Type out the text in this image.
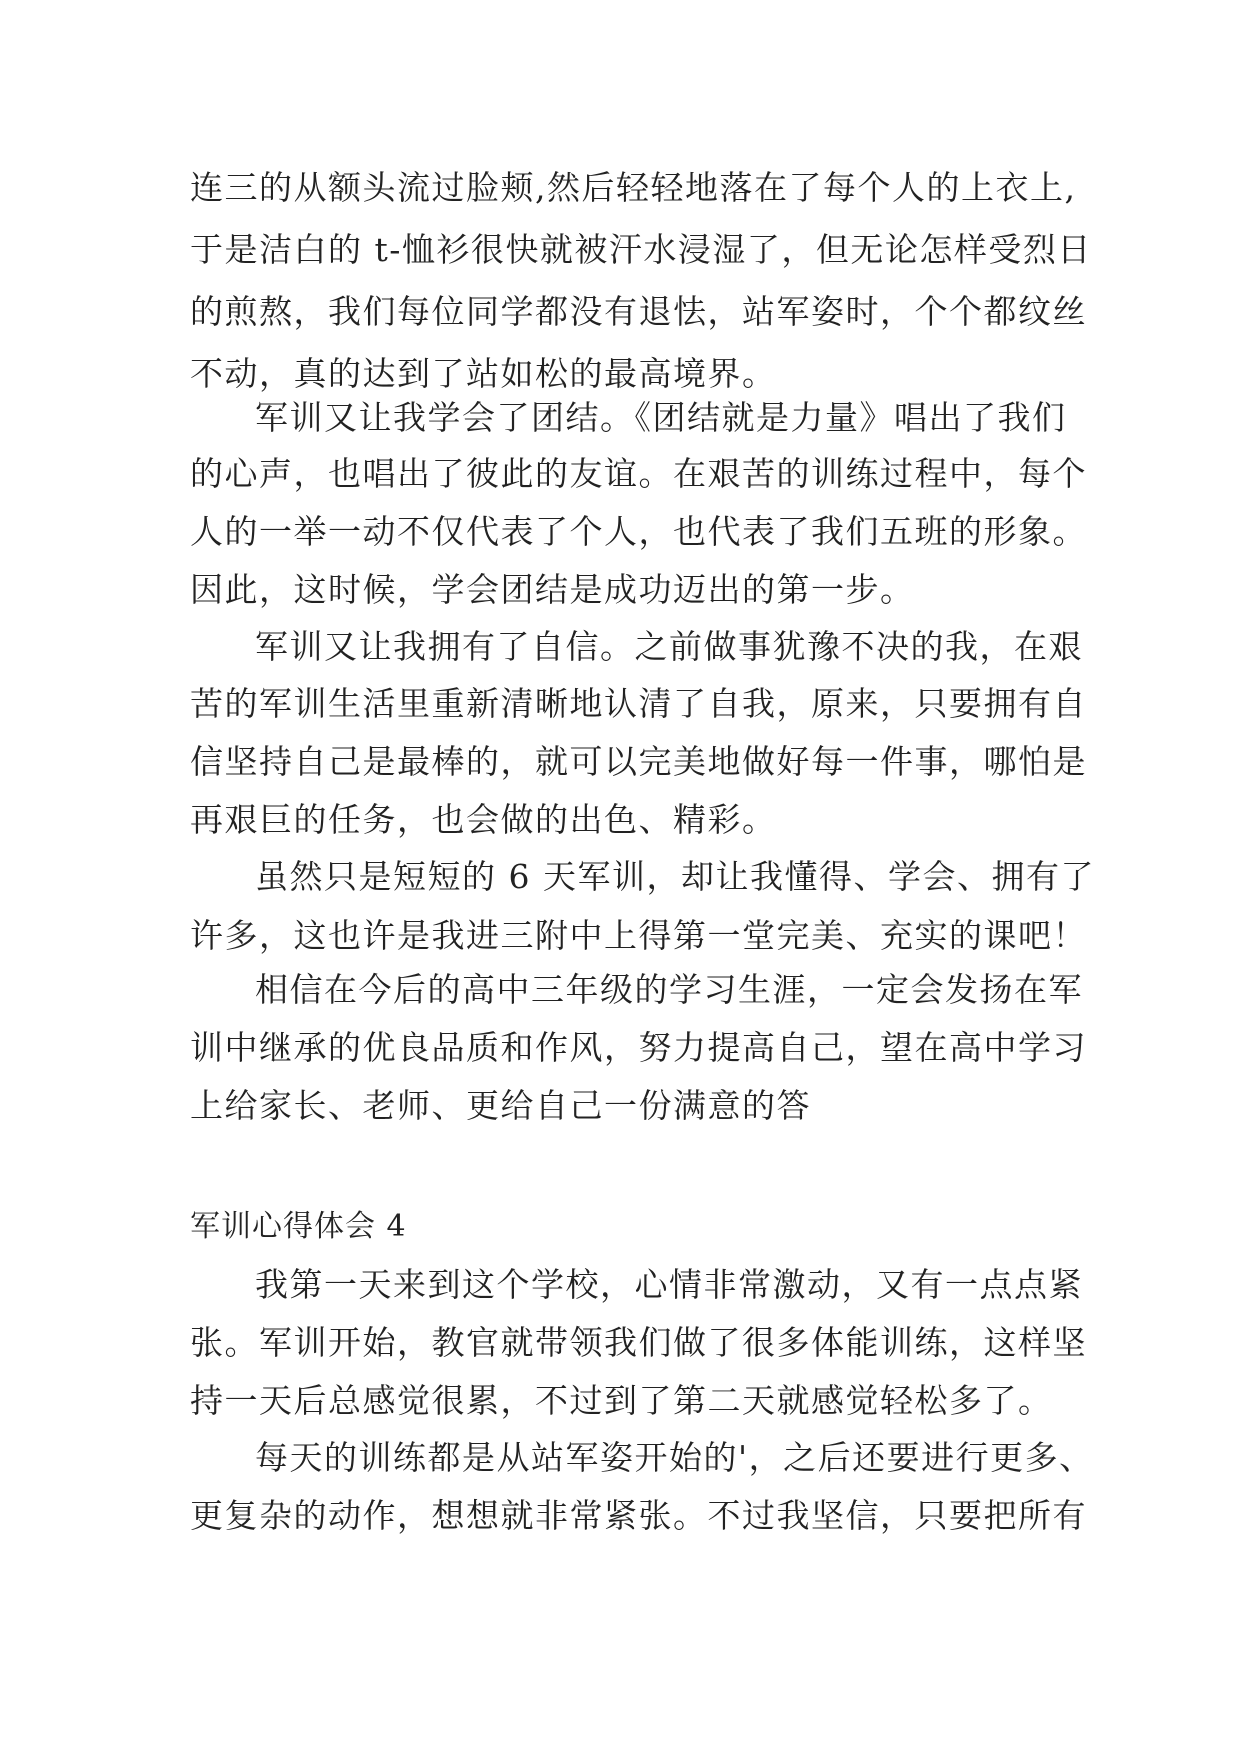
连三的从额头流过脸颊,然后轻轻地落在了每个人的上衣上,
于是洁白的 t-恤衫很快就被汗水浸湿了，但无论怎样受烈日
的煎熬，我们每位同学都没有退怯，站军姿时，个个都纹丝
不动，真的达到了站如松的最高境界。
军训又让我学会了团结。《团结就是力量》唱出了我们
的心声，也唱出了彼此的友谊。在艰苦的训练过程中，每个
人的一举一动不仅代表了个人，也代表了我们五班的形象。
因此，这时候，学会团结是成功迈出的第一步。
军训又让我拥有了自信。之前做事犹豫不决的我，在艰
苦的军训生活里重新清晰地认清了自我，原来，只要拥有自
信坚持自己是最棒的，就可以完美地做好每一件事，哪怕是
再艰巨的任务，也会做的出色、精彩。
虽然只是短短的 6 天军训，却让我懂得、学会、拥有了
许多，这也许是我进三附中上得第一堂完美、充实的课吧！
相信在今后的高中三年级的学习生涯，一定会发扬在军
训中继承的优良品质和作风，努力提高自己，望在高中学习
上给家长、老师、更给自己一份满意的答
军训心得体会 4
我第一天来到这个学校，心情非常激动，又有一点点紧
张。军训开始，教官就带领我们做了很多体能训练，这样坚
持一天后总感觉很累，不过到了第二天就感觉轻松多了。
每天的训练都是从站军姿开始的'，之后还要进行更多、
更复杂的动作，想想就非常紧张。不过我坚信，只要把所有
